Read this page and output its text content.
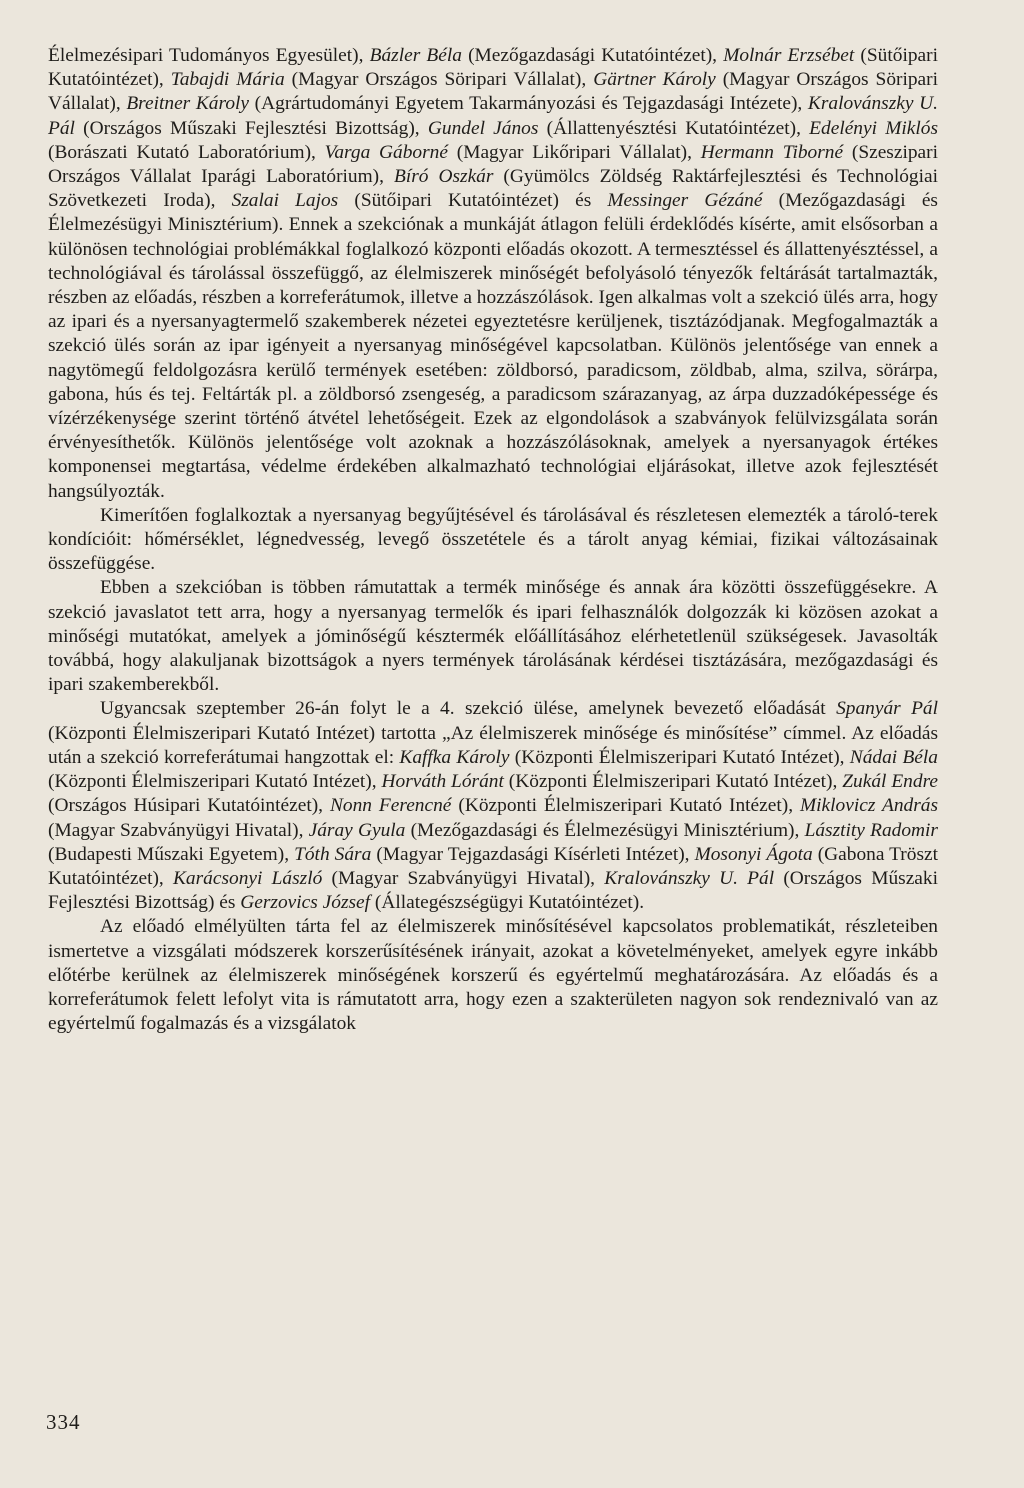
Élelmezésipari Tudományos Egyesület), Bázler Béla (Mezőgazdasági Kutatóintézet), Molnár Erzsébet (Sütőipari Kutatóintézet), Tabajdi Mária (Magyar Országos Söripari Vállalat), Gärtner Károly (Magyar Országos Söripari Vállalat), Breitner Károly (Agrártudományi Egyetem Takarmányozási és Tejgazdasági Intézete), Kralovánszky U. Pál (Országos Műszaki Fejlesztési Bizottság), Gundel János (Állattenyésztési Kutatóintézet), Edelényi Miklós (Borászati Kutató Laboratórium), Varga Gáborné (Magyar Likőripari Vállalat), Hermann Tiborné (Szeszipari Országos Vállalat Iparági Laboratórium), Bíró Oszkár (Gyümölcs Zöldség Raktárfejlesztési és Technológiai Szövetkezeti Iroda), Szalai Lajos (Sütőipari Kutatóintézet) és Messinger Gézáné (Mezőgazdasági és Élelmezésügyi Minisztérium). Ennek a szekciónak a munkáját átlagon felüli érdeklődés kísérte, amit elsősorban a különösen technológiai problémákkal foglalkozó központi előadás okozott. A termesztéssel és állattenyésztéssel, a technológiával és tárolással összefüggő, az élelmiszerek minőségét befolyásoló tényezők feltárását tartalmazták, részben az előadás, részben a korreferátumok, illetve a hozzászólások. Igen alkalmas volt a szekció ülés arra, hogy az ipari és a nyersanyagtermelő szakemberek nézetei egyeztetésre kerüljenek, tisztázódjanak. Megfogalmazták a szekció ülés során az ipar igényeit a nyersanyag minőségével kapcsolatban. Különös jelentősége van ennek a nagytömegű feldolgozásra kerülő termények esetében: zöldborsó, paradicsom, zöldbab, alma, szilva, sörárpa, gabona, hús és tej. Feltárták pl. a zöldborsó zsengeség, a paradicsom szárazanyag, az árpa duzzadóképessége és vízérzékenysége szerint történő átvétel lehetőségeit. Ezek az elgondolások a szabványok felülvizsgálata során érvényesíthetők. Különös jelentősége volt azoknak a hozzászólásoknak, amelyek a nyersanyagok értékes komponensei megtartása, védelme érdekében alkalmazható technológiai eljárásokat, illetve azok fejlesztését hangsúlyozták.

Kimerítően foglalkoztak a nyersanyag begyűjtésével és tárolásával és részletesen elemezték a tároló-terek kondícióit: hőmérséklet, légnedvesség, levegő összetételе és a tárolt anyag kémiai, fizikai változásainak összefüggése.

Ebben a szekcióban is többen rámutattak a termék minősége és annak ára közötti összefüggésekre. A szekció javaslatot tett arra, hogy a nyersanyag termelők és ipari felhasználók dolgozzák ki közösen azokat a minőségi mutatókat, amelyek a jóminőségű késztermék előállításához elérhetetlenül szükségesek. Javasolták továbbá, hogy alakuljanak bizottságok a nyers termények tárolásának kérdései tisztázására, mezőgazdasági és ipari szakemberekből.

Ugyancsak szeptember 26-án folyt le a 4. szekció ülése, amelynek bevezető előadását Spanyár Pál (Központi Élelmiszeripari Kutató Intézet) tartotta „Az élelmiszerek minősége és minősítése” címmel. Az előadás után a szekció korreferátumai hangzottak el: Kaffka Károly (Központi Élelmiszeripari Kutató Intézet), Nádai Béla (Központi Élelmiszeripari Kutató Intézet), Horváth Lóránt (Központi Élelmiszeripari Kutató Intézet), Zukál Endre (Országos Húsipari Kutatóintézet), Nonn Ferencné (Központi Élelmiszeripari Kutató Intézet), Miklovicz András (Magyar Szabványügyi Hivatal), Járay Gyula (Mezőgazdasági és Élelmezésügyi Minisztérium), Lásztity Radomir (Budapesti Műszaki Egyetem), Tóth Sára (Magyar Tejgazdasági Kísérleti Intézet), Mosonyi Ágota (Gabona Tröszt Kutatóintézet), Karácsonyi László (Magyar Szabványügyi Hivatal), Kralovánszky U. Pál (Országos Műszaki Fejlesztési Bizottság) és Gerzovics József (Állategészségügyi Kutatóintézet).

Az előadó elmélyülten tárta fel az élelmiszerek minősítésével kapcsolatos problematikát, részleteiben ismertetve a vizsgálati módszerek korszerűsítésének irányait, azokat a követelményeket, amelyek egyre inkább előtérbe kerülnek az élelmiszerek minőségének korszerű és egyértelmű meghatározására. Az előadás és a korreferátumok felett lefolyt vita is rámutatott arra, hogy ezen a szakterületen nagyon sok rendeznivaló van az egyértelmű fogalmazás és a vizsgálatok

334
